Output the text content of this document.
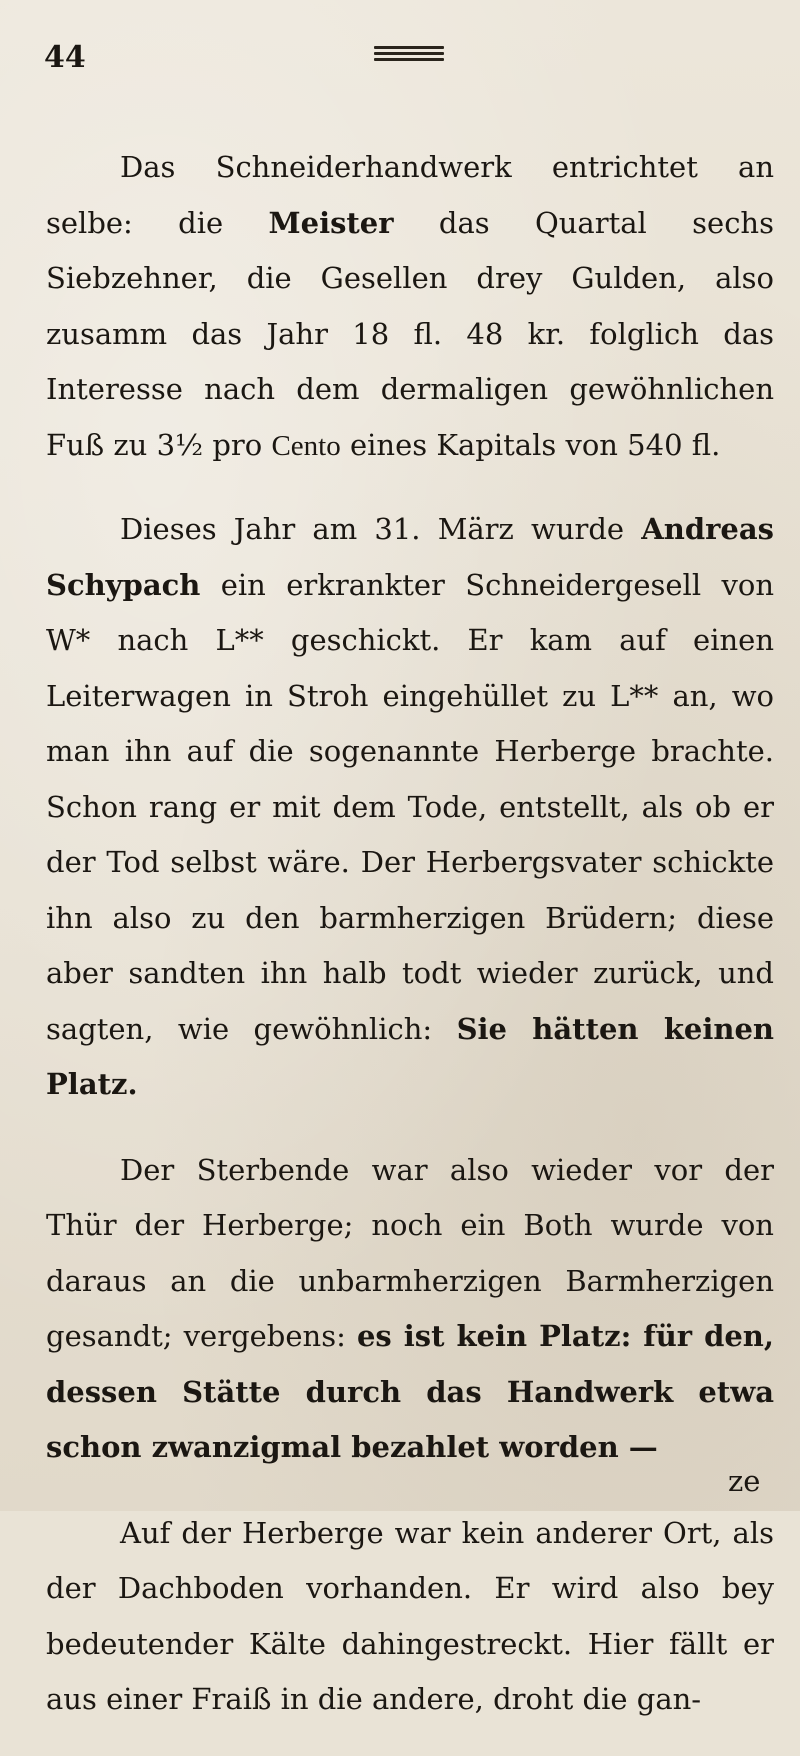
44

Das Schneiderhandwerk entrichtet an selbe: die Meister das Quartal sechs Siebzehner, die Gesellen drey Gulden, also zusamm das Jahr 18 fl. 48 kr. folglich das Interesse nach dem dermaligen gewöhnlichen Fuß zu 3½ pro Cento eines Kapitals von 540 fl.

Dieses Jahr am 31. März wurde Andreas Schypach ein erkrankter Schneidergesell von W* nach L** geschickt. Er kam auf einen Leiterwagen in Stroh eingehüllet zu L** an, wo man ihn auf die sogenannte Herberge brachte. Schon rang er mit dem Tode, entstellt, als ob er der Tod selbst wäre. Der Herbergsvater schickte ihn also zu den barmherzigen Brüdern; diese aber sandten ihn halb todt wieder zurück, und sagten, wie gewöhnlich: Sie hätten keinen Platz.

Der Sterbende war also wieder vor der Thür der Herberge; noch ein Both wurde von daraus an die unbarmherzigen Barmherzigen gesandt; vergebens: es ist kein Platz: für den, dessen Stätte durch das Handwerk etwa schon zwanzigmal bezahlet worden —

Auf der Herberge war kein anderer Ort, als der Dachboden vorhanden. Er wird also bey bedeutender Kälte dahingestreckt. Hier fällt er aus einer Fraiß in die andere, droht die gan-

ze
